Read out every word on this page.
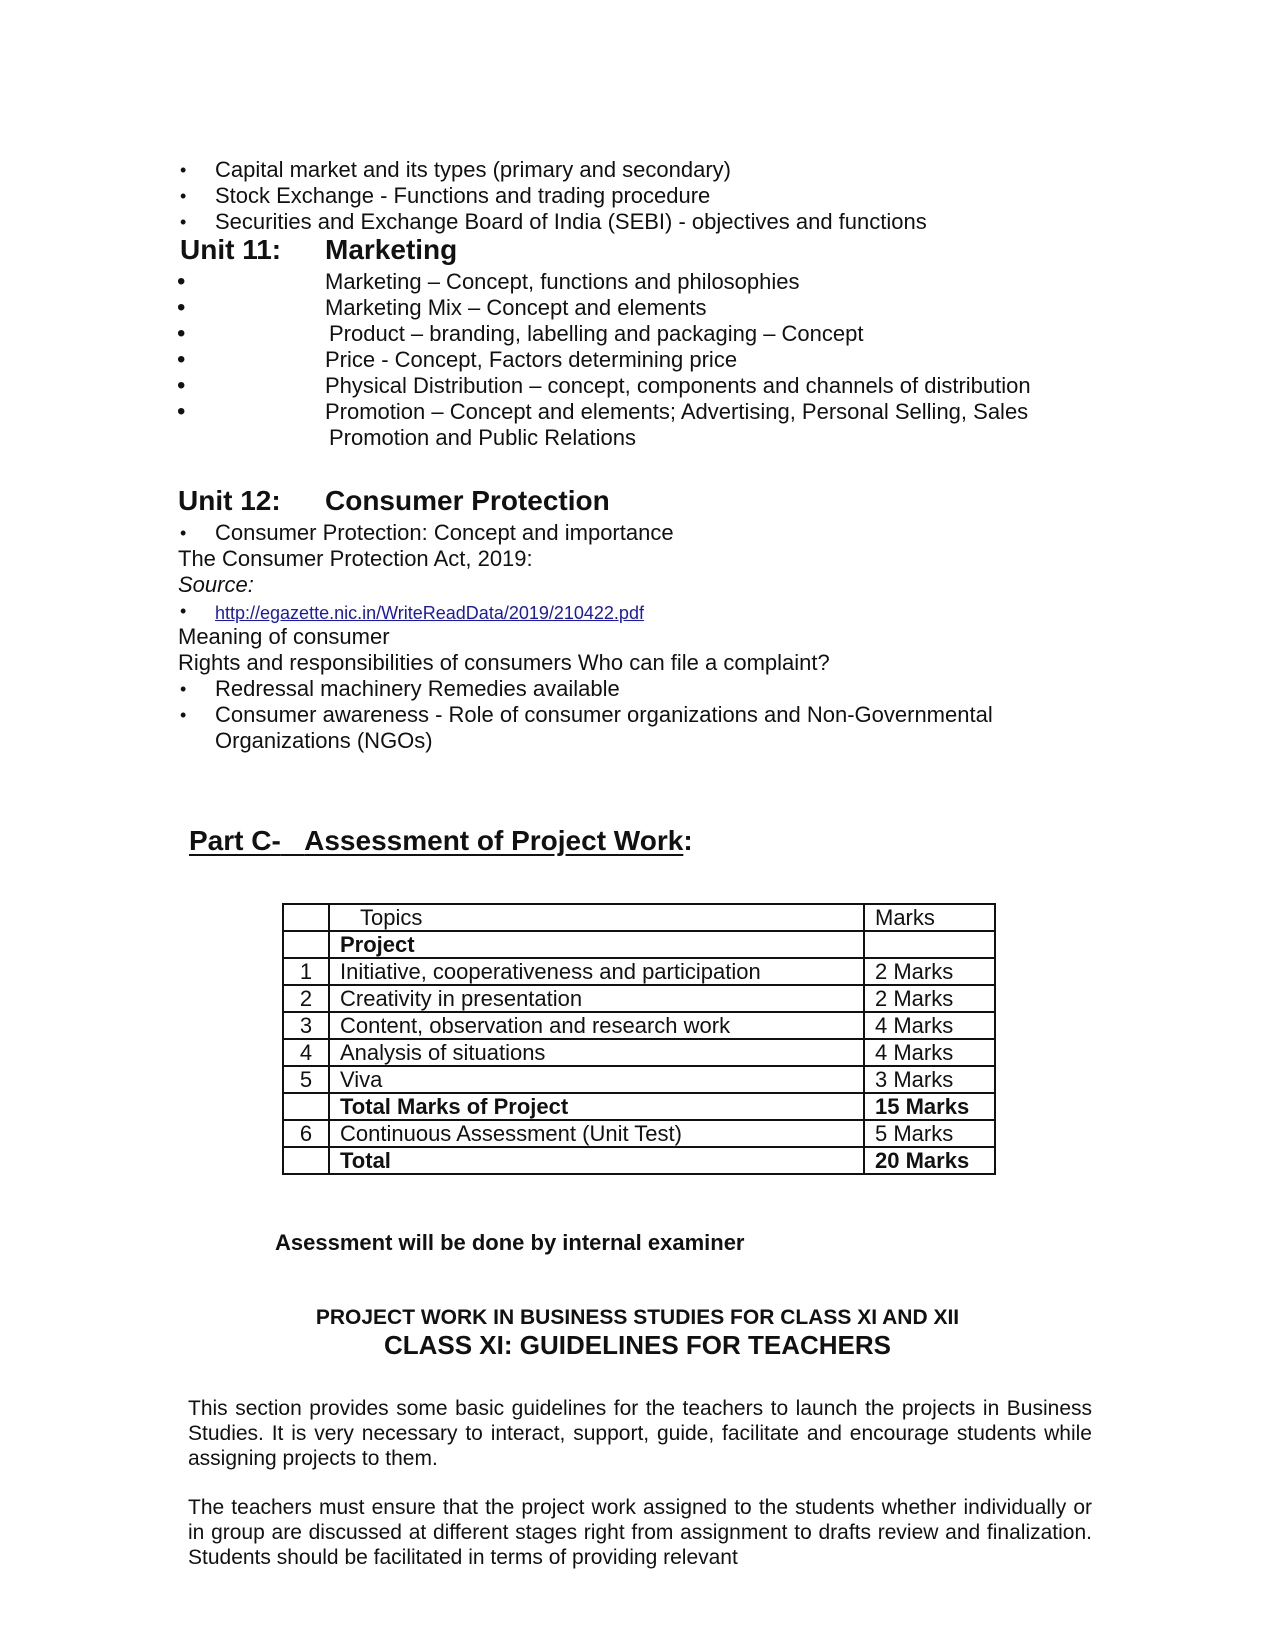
• Capital market and its types (primary and secondary)
• Stock Exchange - Functions and trading procedure
• Securities and Exchange Board of India (SEBI) - objectives and functions
Unit 11: Marketing
•	Marketing – Concept, functions and philosophies
•	Marketing Mix – Concept and elements
•	Product – branding, labelling and packaging – Concept
•	Price - Concept, Factors determining price
•	Physical Distribution – concept, components and channels of distribution
•	Promotion – Concept and elements; Advertising, Personal Selling, Sales
Promotion and Public Relations
Unit 12: Consumer Protection
• Consumer Protection: Concept and importance
The Consumer Protection Act, 2019:
Source:
• http://egazette.nic.in/WriteReadData/2019/210422.pdf
Meaning of consumer
Rights and responsibilities of consumers Who can file a complaint?
• Redressal machinery Remedies available
• Consumer awareness - Role of consumer organizations and Non-Governmental
Organizations (NGOs)
Part C- Assessment of Project Work:
	Topics	Marks
	Project	
1	Initiative, cooperativeness and participation	2 Marks
2	Creativity in presentation	2 Marks
3	Content, observation and research work	4 Marks
4	Analysis of situations	4 Marks
5	Viva	3 Marks
	Total Marks of Project	15 Marks
6	Continuous Assessment (Unit Test)	5 Marks
	Total	20 Marks
Asessment will be done by internal examiner
PROJECT WORK IN BUSINESS STUDIES FOR CLASS XI AND XII
CLASS XI: GUIDELINES FOR TEACHERS
This section provides some basic guidelines for the teachers to launch the projects in Business Studies. It is very necessary to interact, support, guide, facilitate and encourage students while assigning projects to them.
The teachers must ensure that the project work assigned to the students whether individually or in group are discussed at different stages right from assignment to drafts review and finalization. Students should be facilitated in terms of providing relevant
